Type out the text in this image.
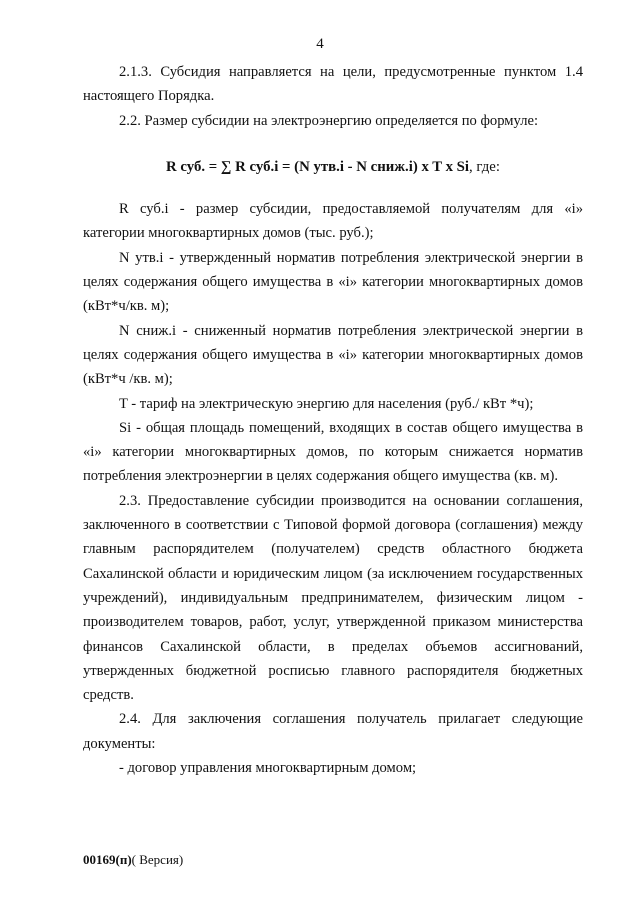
4

2.1.3. Субсидия направляется на цели, предусмотренные пунктом 1.4 настоящего Порядка.

2.2. Размер субсидии на электроэнергию определяется по формуле:

R суб. = ∑ R суб.i = (N утв.i - N сниж.i) x T x Si, где:

R суб.i - размер субсидии, предоставляемой получателям для «i» категории многоквартирных домов (тыс. руб.);

N утв.i - утвержденный норматив потребления электрической энергии в целях содержания общего имущества в «i» категории многоквартирных домов (кВт*ч/кв. м);

N сниж.i - сниженный норматив потребления электрической энергии в целях содержания общего имущества в «i» категории многоквартирных домов (кВт*ч /кв. м);

T - тариф на электрическую энергию для населения (руб./ кВт *ч);

Si - общая площадь помещений, входящих в состав общего имущества в «i» категории многоквартирных домов, по которым снижается норматив потребления электроэнергии в целях содержания общего имущества (кв. м).

2.3. Предоставление субсидии производится на основании соглашения, заключенного в соответствии с Типовой формой договора (соглашения) между главным распорядителем (получателем) средств областного бюджета Сахалинской области и юридическим лицом (за исключением государственных учреждений), индивидуальным предпринимателем, физическим лицом - производителем товаров, работ, услуг, утвержденной приказом министерства финансов Сахалинской области, в пределах объемов ассигнований, утвержденных бюджетной росписью главного распорядителя бюджетных средств.

2.4. Для заключения соглашения получатель прилагает следующие документы:

- договор управления многоквартирным домом;

00169(п)( Версия)
